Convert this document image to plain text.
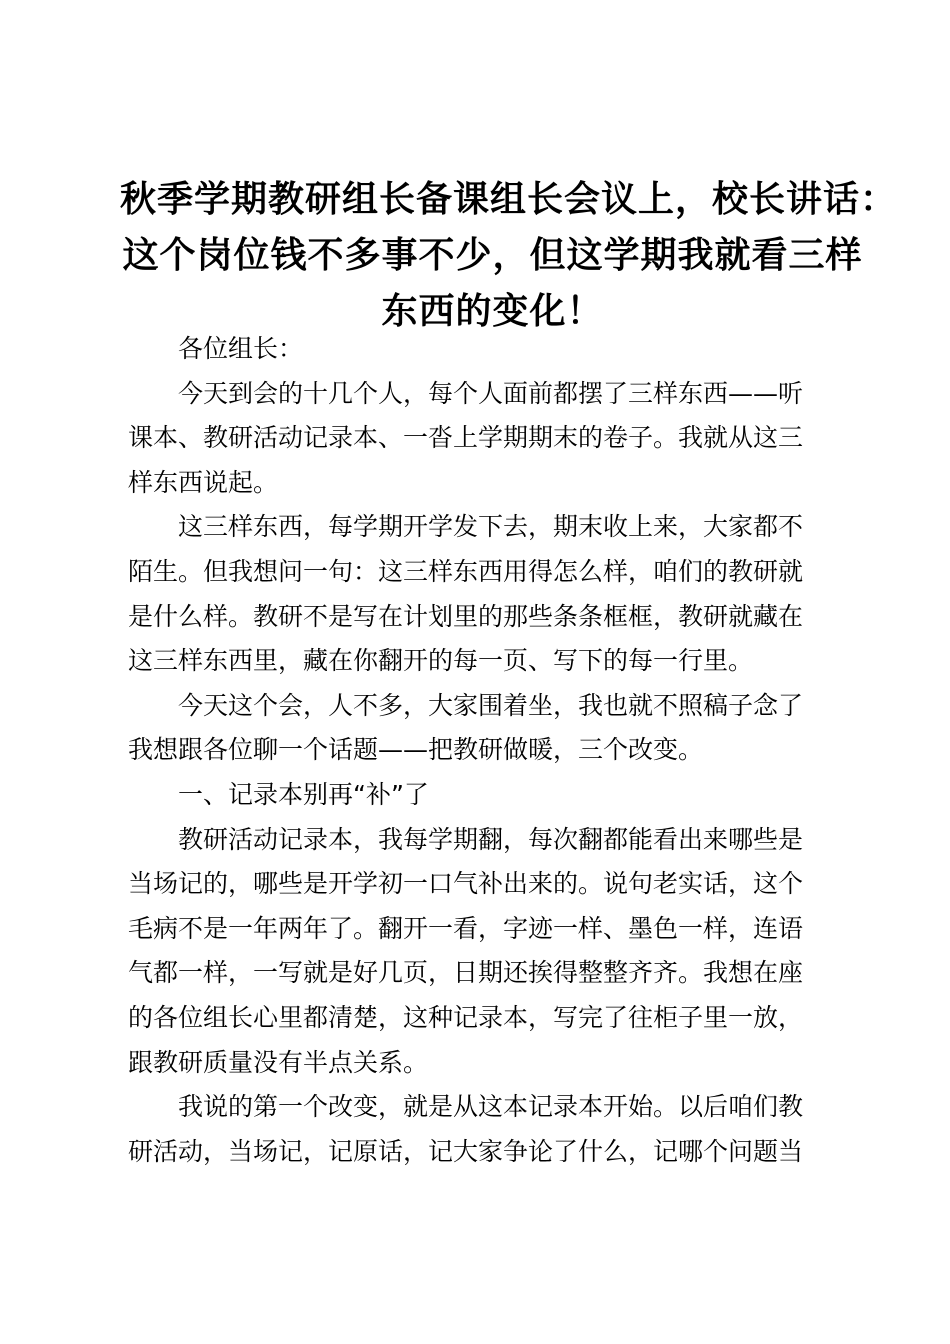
秋季学期教研组长备课组长会议上，校长讲话：
这个岗位钱不多事不少，但这学期我就看三样
东西的变化！

各位组长：

今天到会的十几个人，每个人面前都摆了三样东西——听
课本、教研活动记录本、一沓上学期期末的卷子。我就从这三
样东西说起。

这三样东西，每学期开学发下去，期末收上来，大家都不
陌生。但我想问一句：这三样东西用得怎么样，咱们的教研就
是什么样。教研不是写在计划里的那些条条框框，教研就藏在
这三样东西里，藏在你翻开的每一页、写下的每一行里。

今天这个会，人不多，大家围着坐，我也就不照稿子念了
我想跟各位聊一个话题——把教研做暖，三个改变。

一、记录本别再“补”了

教研活动记录本，我每学期翻，每次翻都能看出来哪些是
当场记的，哪些是开学初一口气补出来的。说句老实话，这个
毛病不是一年两年了。翻开一看，字迹一样、墨色一样，连语
气都一样，一写就是好几页，日期还挨得整整齐齐。我想在座
的各位组长心里都清楚，这种记录本，写完了往柜子里一放，
跟教研质量没有半点关系。

我说的第一个改变，就是从这本记录本开始。以后咱们教
研活动，当场记，记原话，记大家争论了什么，记哪个问题当
